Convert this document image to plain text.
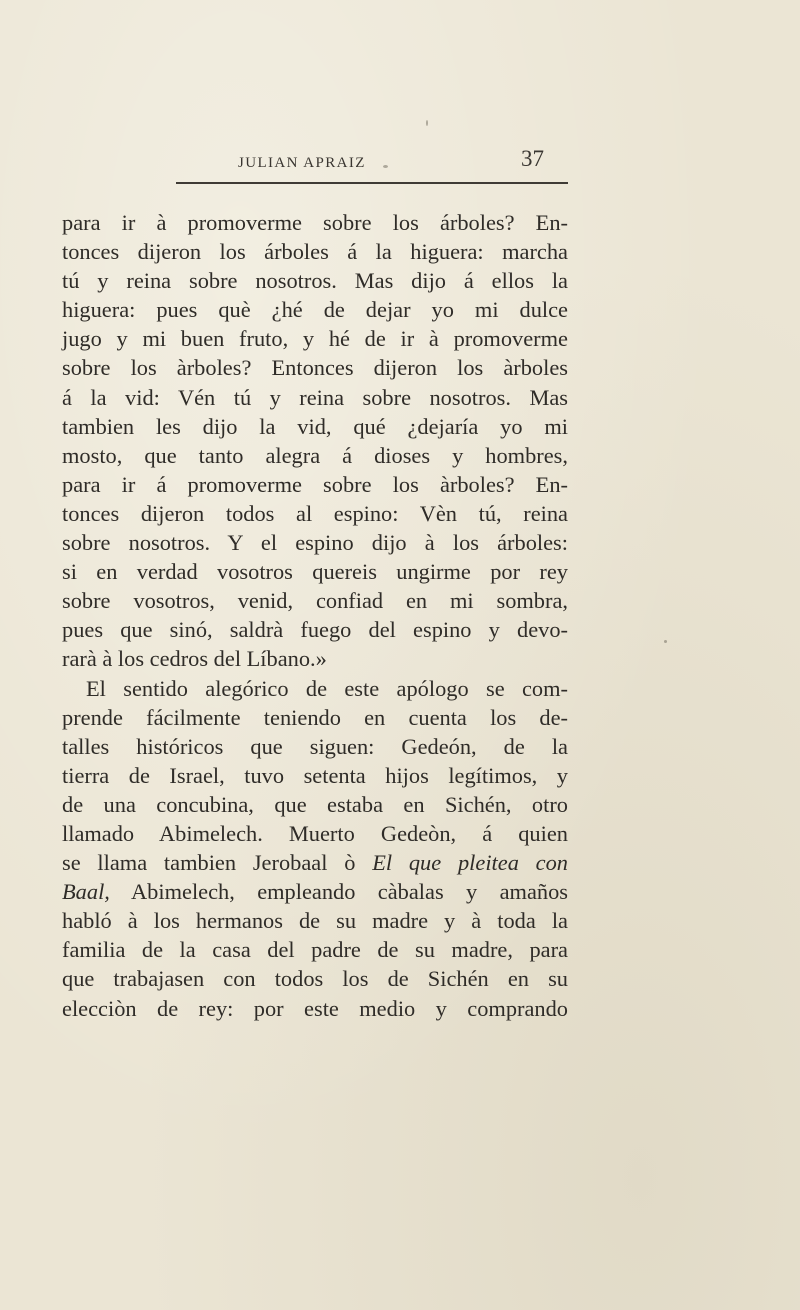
JULIAN APRAIZ	37
para ir à promoverme sobre los árboles? En-
tonces dijeron los árboles á la higuera: marcha
tú y reina sobre nosotros. Mas dijo á ellos la
higuera: pues què ¿hé de dejar yo mi dulce
jugo y mi buen fruto, y hé de ir à promoverme
sobre los àrboles? Entonces dijeron los àrboles
á la vid: Vén tú y reina sobre nosotros. Mas
tambien les dijo la vid, qué ¿dejaría yo mi
mosto, que tanto alegra á dioses y hombres,
para ir á promoverme sobre los àrboles? En-
tonces dijeron todos al espino: Vèn tú, reina
sobre nosotros. Y el espino dijo à los árboles:
si en verdad vosotros quereis ungirme por rey
sobre vosotros, venid, confiad en mi sombra,
pues que sinó, saldrà fuego del espino y devo-
rarà à los cedros del Líbano.»
El sentido alegórico de este apólogo se com-
prende fácilmente teniendo en cuenta los de-
talles históricos que siguen: Gedeón, de la
tierra de Israel, tuvo setenta hijos legítimos, y
de una concubina, que estaba en Sichén, otro
llamado Abimelech. Muerto Gedeòn, á quien
se llama tambien Jerobaal ò El que pleitea con
Baal, Abimelech, empleando càbalas y amaños
habló à los hermanos de su madre y à toda la
familia de la casa del padre de su madre, para
que trabajasen con todos los de Sichén en su
elecciòn de rey: por este medio y comprando
